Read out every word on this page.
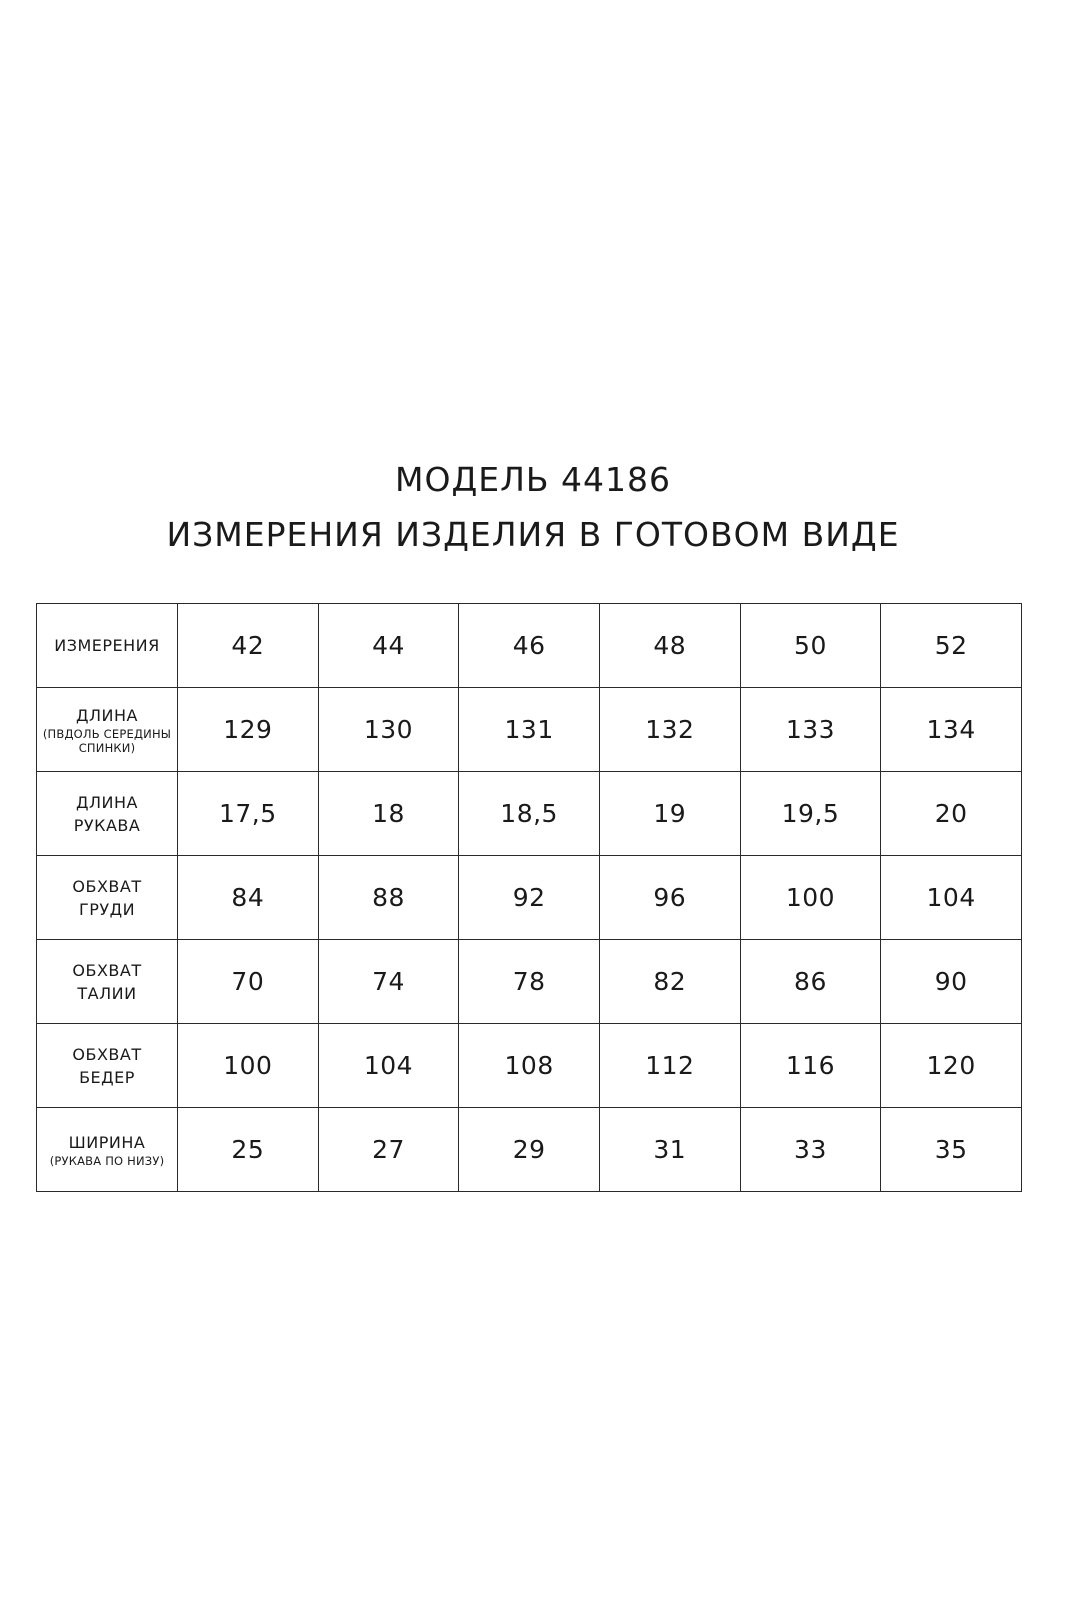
МОДЕЛЬ 44186
ИЗМЕРЕНИЯ ИЗДЕЛИЯ В ГОТОВОМ ВИДЕ
ИЗМЕРЕНИЯ	42	44	46	48	50	52

ДЛИНА
(ПВДОЛЬ СЕРЕДИНЫ
СПИНКИ)	129	130	131	132	133	134

ДЛИНА
РУКАВА	17,5	18	18,5	19	19,5	20

ОБХВАТ
ГРУДИ	84	88	92	96	100	104

ОБХВАТ
ТАЛИИ	70	74	78	82	86	90

ОБХВАТ
БЕДЕР	100	104	108	112	116	120

ШИРИНА
(РУКАВА ПО НИЗУ)	25	27	29	31	33	35
